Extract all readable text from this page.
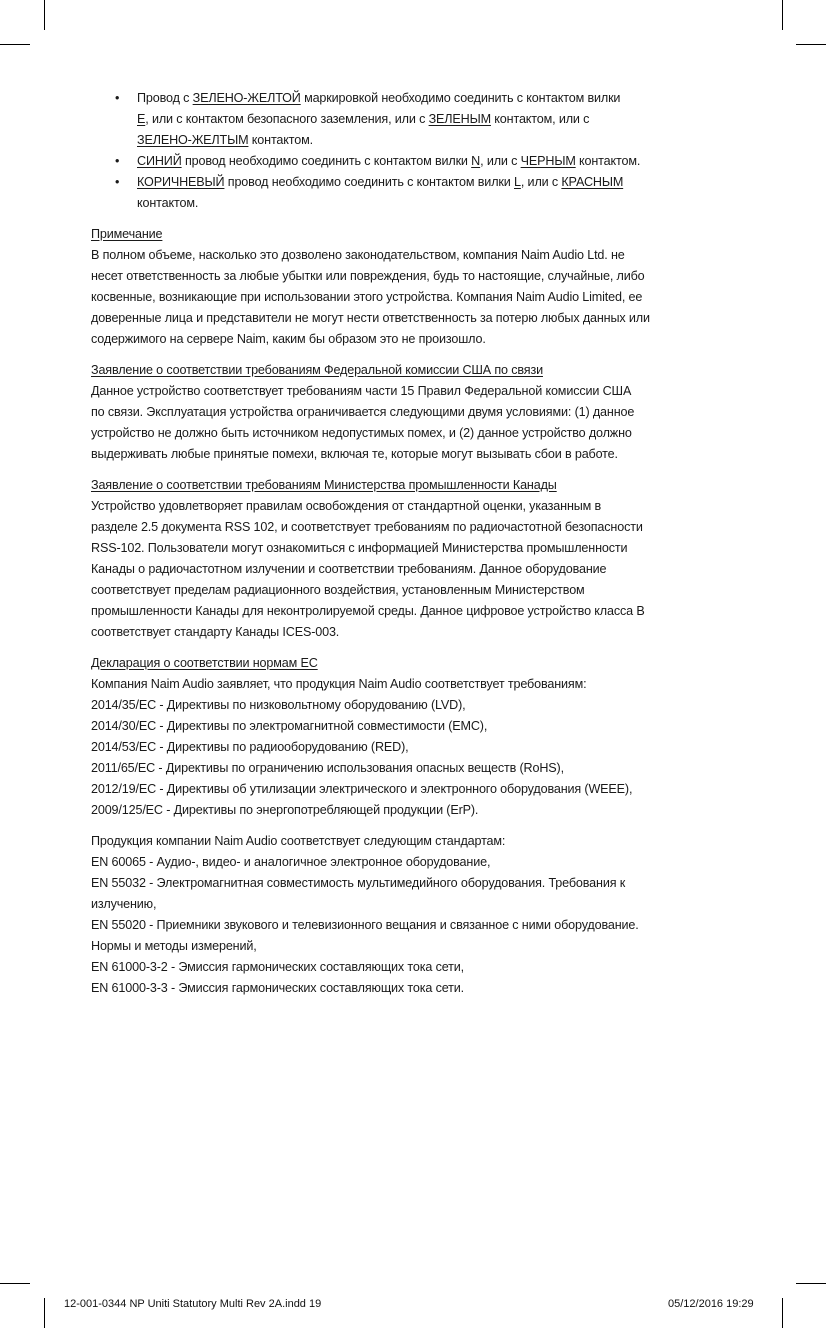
• Провод с ЗЕЛЕНО-ЖЕЛТОЙ маркировкой необходимо соединить с контактом вилки
E, или с контактом безопасного заземления, или с ЗЕЛЕНЫМ контактом, или с
ЗЕЛЕНО-ЖЕЛТЫМ контактом.
• СИНИЙ провод необходимо соединить с контактом вилки N, или с ЧЕРНЫМ контактом.
• КОРИЧНЕВЫЙ провод необходимо соединить с контактом вилки L, или с КРАСНЫМ
контактом.
Примечание
В полном объеме, насколько это дозволено законодательством, компания Naim Audio Ltd. не
несет ответственность за любые убытки или повреждения, будь то настоящие, случайные, либо
косвенные, возникающие при использовании этого устройства. Компания Naim Audio Limited, ее
доверенные лица и представители не могут нести ответственность за потерю любых данных или
содержимого на сервере Naim, каким бы образом это не произошло.
Заявление о соответствии требованиям Федеральной комиссии США по связи
Данное устройство соответствует требованиям части 15 Правил Федеральной комиссии США
по связи. Эксплуатация устройства ограничивается следующими двумя условиями: (1) данное
устройство не должно быть источником недопустимых помех, и (2) данное устройство должно
выдерживать любые принятые помехи, включая те, которые могут вызывать сбои в работе.
Заявление о соответствии требованиям Министерства промышленности Канады
Устройство удовлетворяет правилам освобождения от стандартной оценки, указанным в
разделе 2.5 документа RSS 102, и соответствует требованиям по радиочастотной безопасности
RSS-102. Пользователи могут ознакомиться с информацией Министерства промышленности
Канады о радиочастотном излучении и соответствии требованиям. Данное оборудование
соответствует пределам радиационного воздействия, установленным Министерством
промышленности Канады для неконтролируемой среды. Данное цифровое устройство класса B
соответствует стандарту Канады ICES-003.
Декларация о соответствии нормам ЕС
Компания Naim Audio заявляет, что продукция Naim Audio соответствует требованиям:
2014/35/EC - Директивы по низковольтному оборудованию (LVD),
2014/30/EC - Директивы по электромагнитной совместимости (EMC),
2014/53/EC - Директивы по радиооборудованию (RED),
2011/65/EC - Директивы по ограничению использования опасных веществ (RoHS),
2012/19/EC - Директивы об утилизации электрического и электронного оборудования (WEEE),
2009/125/EC - Директивы по энергопотребляющей продукции (ErP).
Продукция компании Naim Audio соответствует следующим стандартам:
EN 60065 - Аудио-, видео- и аналогичное электронное оборудование,
EN 55032 - Электромагнитная совместимость мультимедийного оборудования. Требования к
излучению,
EN 55020 - Приемники звукового и телевизионного вещания и связанное с ними оборудование.
Нормы и методы измерений,
EN 61000-3-2 - Эмиссия гармонических составляющих тока сети,
EN 61000-3-3 - Эмиссия гармонических составляющих тока сети.
12-001-0344 NP Uniti Statutory Multi Rev 2A.indd 19	05/12/2016 19:29
